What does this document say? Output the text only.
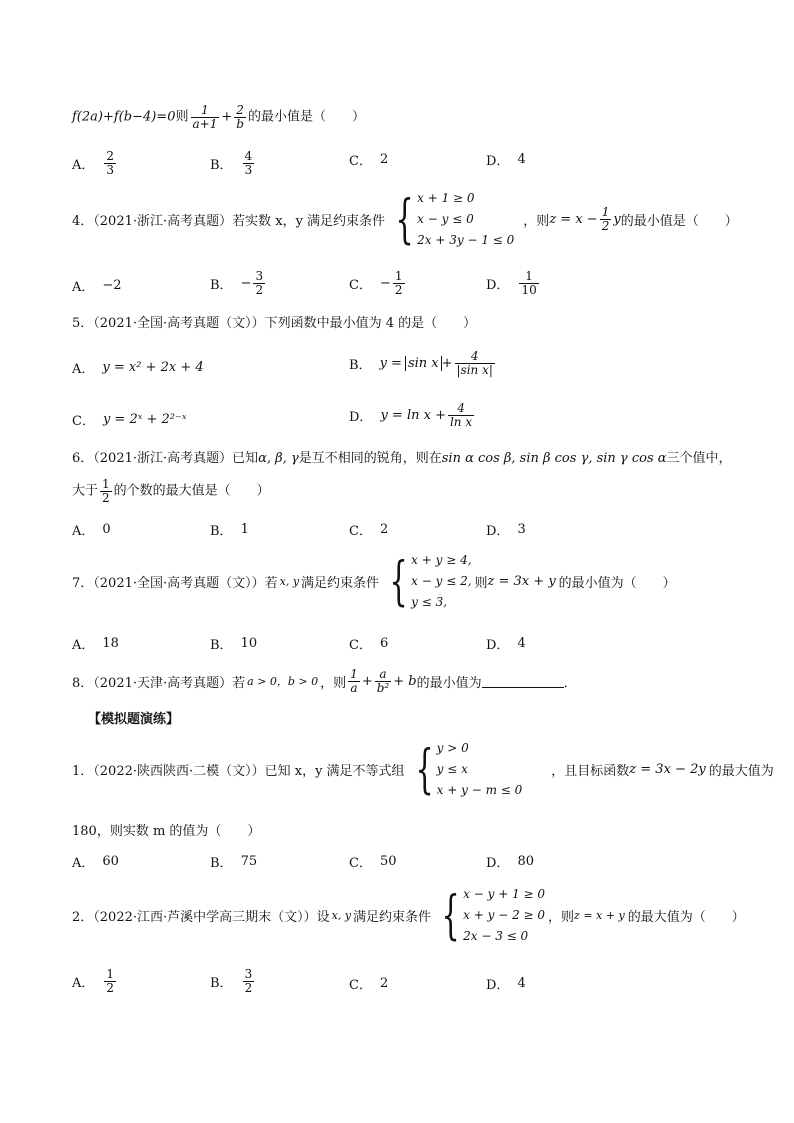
f(2a)+f(b−4)=0则 $\frac{1}{a+1} + \frac{2}{b}$ 的最小值是（　　）
A． $\frac{2}{3}$	B． $\frac{4}{3}$	C． 2	D． 4
4．（2021·浙江·高考真题）若实数 x，y 满足约束条件 { x + 1 ≥ 0
x − y ≤ 0
2x + 3y − 1 ≤ 0
，则 $z = x - \frac{1}{2}$ y 的最小值是（　　）
A． −2	B． − $\frac{3}{2}$	C． − $\frac{1}{2}$	D． $\frac{1}{10}$
5．（2021·全国·高考真题（文））下列函数中最小值为 4 的是（　　）
A． y = x² + 2x + 4	B． $y = \sin x + \frac{4}{\text{|sin x|}}$
C． y = 2ˣ + 2²⁻ˣ	D． $y = \ln x + \frac{4}{\text{ln x}}$
6．（2021·浙江·高考真题）已知α, β, γ是互不相同的锐角，则在sin α cos β, sin β cos γ, sin γ cos α三个值中，
大于 $\frac{1}{2}$ 的个数的最大值是（　　）
A． 0	B． 1	C． 2	D． 3
7．（2021·全国·高考真题（文））若 x, y 满足约束条件 { x + y ≥ 4,
x − y ≤ 2,
y ≤ 3,
则 z = 3x + y 的最小值为（　　）
A． 18	B． 10	C． 6	D． 4
8．（2021·天津·高考真题）若 a > 0，b > 0 ，则 $\frac{1}{a} + \frac{a}{\text{b²}} + b$ 的最小值为	．
【模拟题演练】
1．（2022·陕西陕西·二模（文））已知 x，y 满足不等式组 { y > 0
y ≤ x
x + y − m ≤ 0
，且目标函数 z = 3x − 2y 的最大值为
180，则实数 m 的值为（　　）
A． 60	B． 75	C． 50	D． 80
2．（2022·江西·芦溪中学高三期末（文））设 x, y 满足约束条件 { x − y + 1 ≥ 0
x + y − 2 ≥ 0
2x − 3 ≤ 0
，则 z = x + y 的最大值为（　　）
A． $\frac{1}{2}$	B． $\frac{3}{2}$	C． 2	D． 4
